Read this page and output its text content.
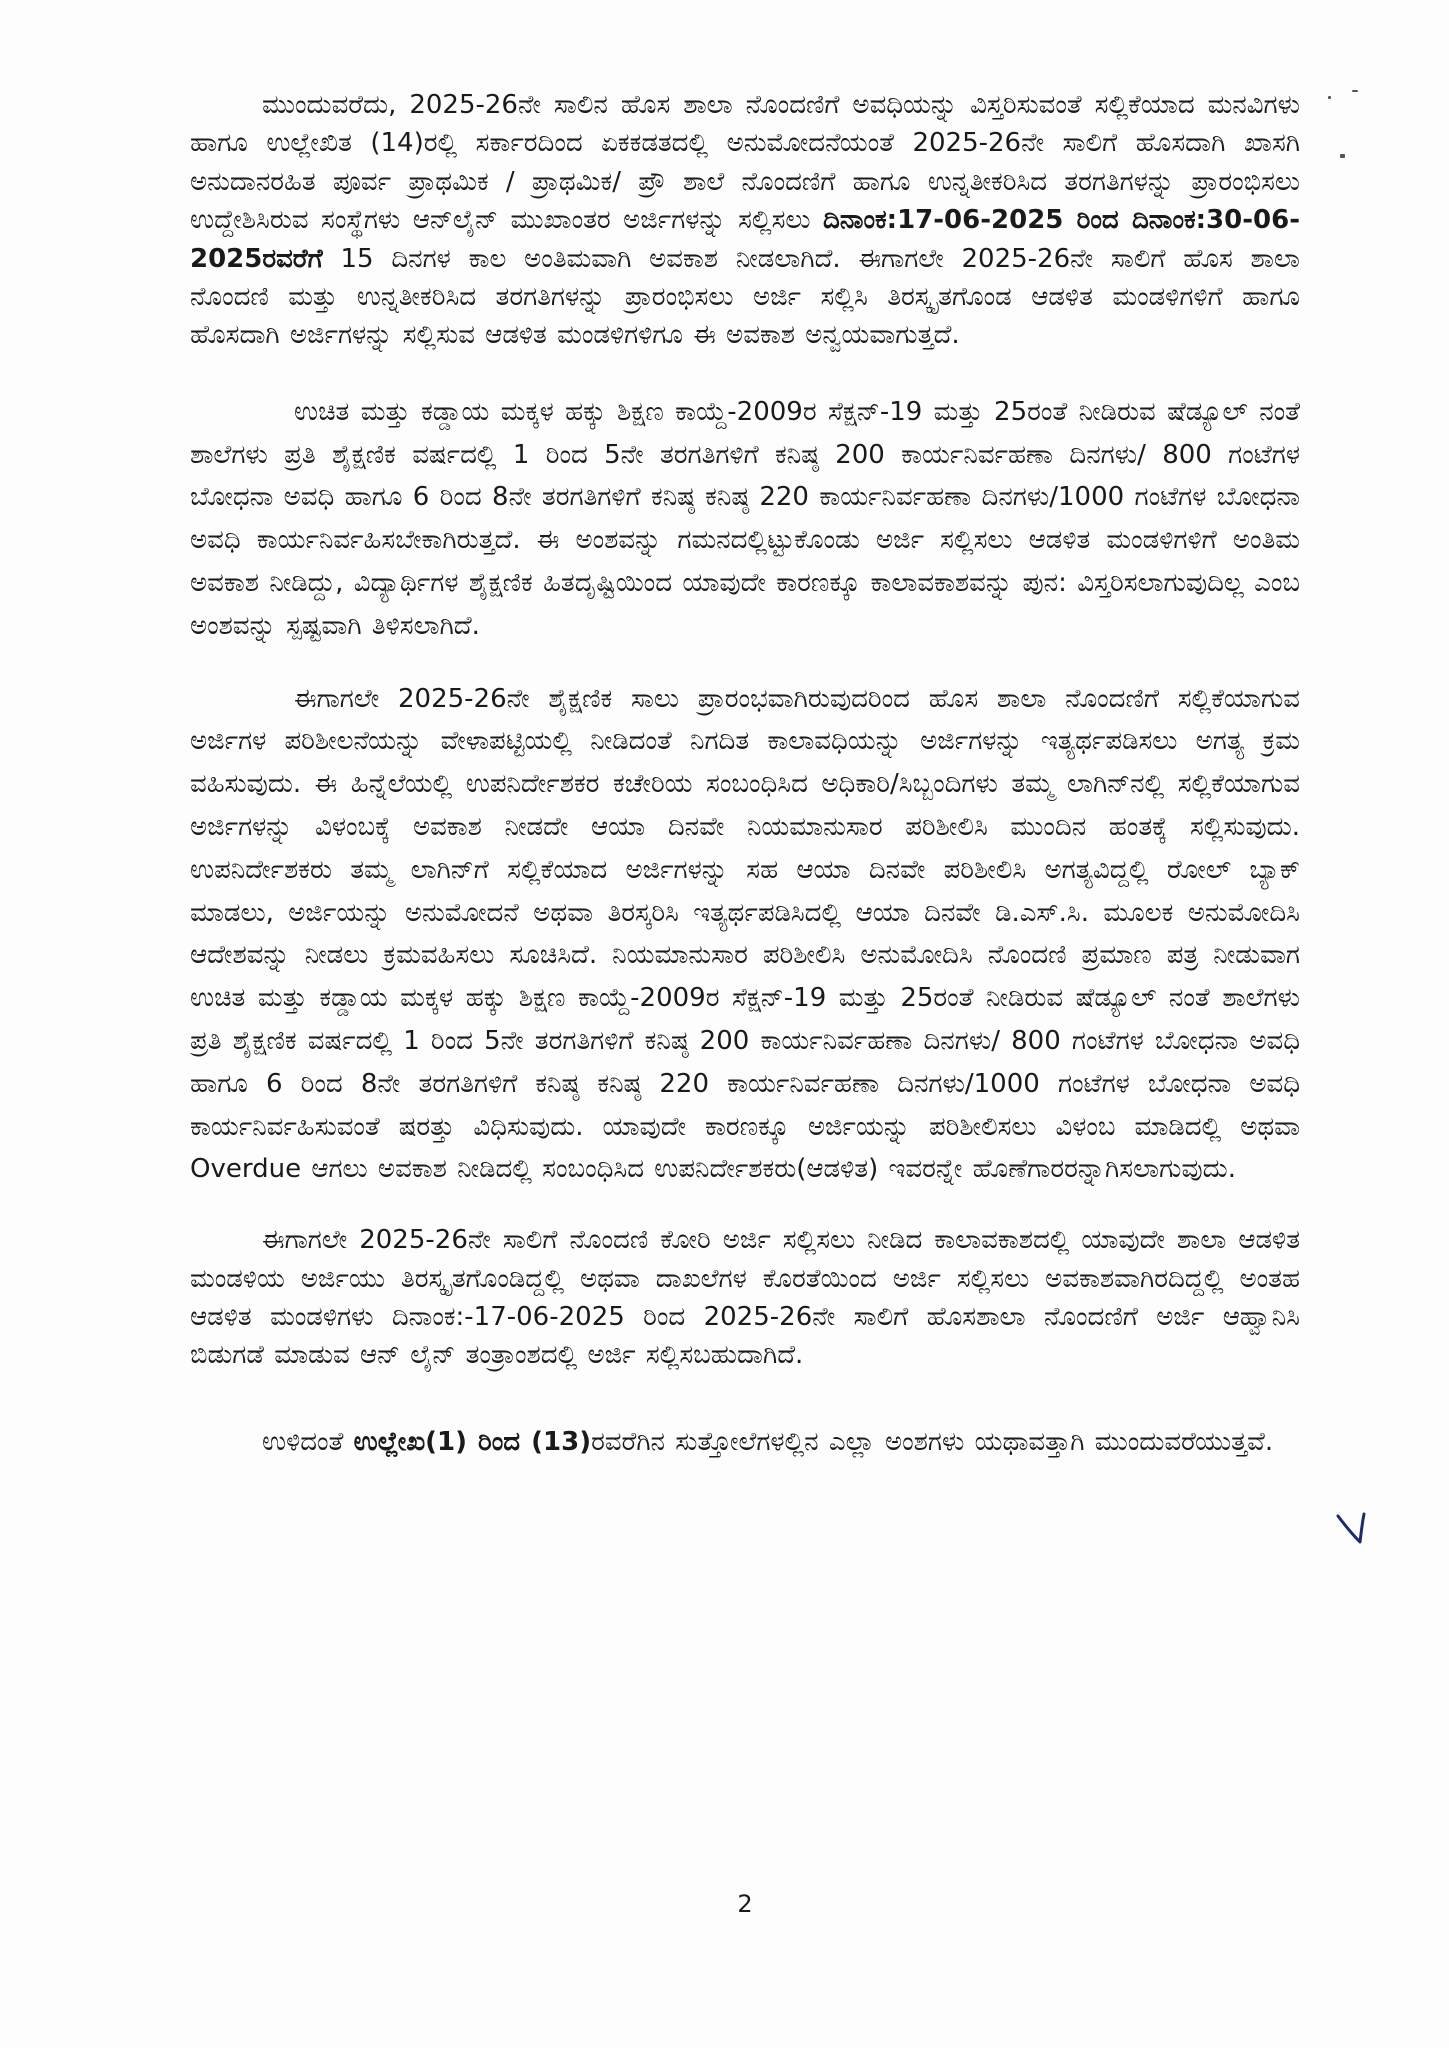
ಮುಂದುವರೆದು, 2025-26ನೇ ಸಾಲಿನ ಹೊಸ ಶಾಲಾ ನೊಂದಣಿಗೆ ಅವಧಿಯನ್ನು ವಿಸ್ತರಿಸುವಂತೆ ಸಲ್ಲಿಕೆಯಾದ ಮನವಿಗಳು ಹಾಗೂ ಉಲ್ಲೇಖಿತ (14)ರಲ್ಲಿ ಸರ್ಕಾರದಿಂದ ಏಕಕಡತದಲ್ಲಿ ಅನುಮೋದನೆಯಂತೆ 2025-26ನೇ ಸಾಲಿಗೆ ಹೊಸದಾಗಿ ಖಾಸಗಿ ಅನುದಾನರಹಿತ ಪೂರ್ವ ಪ್ರಾಥಮಿಕ / ಪ್ರಾಥಮಿಕ/ ಪ್ರೌ ಶಾಲೆ ನೊಂದಣಿಗೆ ಹಾಗೂ ಉನ್ನತೀಕರಿಸಿದ ತರಗತಿಗಳನ್ನು ಪ್ರಾರಂಭಿಸಲು ಉದ್ದೇಶಿಸಿರುವ ಸಂಸ್ಥೆಗಳು ಆನ್‌ಲೈನ್ ಮುಖಾಂತರ ಅರ್ಜಿಗಳನ್ನು ಸಲ್ಲಿಸಲು ದಿನಾಂಕ:17-06-2025 ರಿಂದ ದಿನಾಂಕ:30-06-2025ರವರೆಗೆ 15 ದಿನಗಳ ಕಾಲ ಅಂತಿಮವಾಗಿ ಅವಕಾಶ ನೀಡಲಾಗಿದೆ. ಈಗಾಗಲೇ 2025-26ನೇ ಸಾಲಿಗೆ ಹೊಸ ಶಾಲಾ ನೊಂದಣಿ ಮತ್ತು ಉನ್ನತೀಕರಿಸಿದ ತರಗತಿಗಳನ್ನು ಪ್ರಾರಂಭಿಸಲು ಅರ್ಜಿ ಸಲ್ಲಿಸಿ ತಿರಸ್ಕೃತಗೊಂಡ ಆಡಳಿತ ಮಂಡಳಿಗಳಿಗೆ ಹಾಗೂ ಹೊಸದಾಗಿ ಅರ್ಜಿಗಳನ್ನು ಸಲ್ಲಿಸುವ ಆಡಳಿತ ಮಂಡಳಿಗಳಿಗೂ ಈ ಅವಕಾಶ ಅನ್ವಯವಾಗುತ್ತದೆ.

ಉಚಿತ ಮತ್ತು ಕಡ್ಡಾಯ ಮಕ್ಕಳ ಹಕ್ಕು ಶಿಕ್ಷಣ ಕಾಯ್ದೆ-2009ರ ಸೆಕ್ಷನ್-19 ಮತ್ತು 25ರಂತೆ ನೀಡಿರುವ ಷೆಡ್ಯೂಲ್ ನಂತೆ ಶಾಲೆಗಳು ಪ್ರತಿ ಶೈಕ್ಷಣಿಕ ವರ್ಷದಲ್ಲಿ 1 ರಿಂದ 5ನೇ ತರಗತಿಗಳಿಗೆ ಕನಿಷ್ಠ 200 ಕಾರ್ಯನಿರ್ವಹಣಾ ದಿನಗಳು/ 800 ಗಂಟೆಗಳ ಬೋಧನಾ ಅವಧಿ ಹಾಗೂ 6 ರಿಂದ 8ನೇ ತರಗತಿಗಳಿಗೆ ಕನಿಷ್ಠ ಕನಿಷ್ಠ 220 ಕಾರ್ಯನಿರ್ವಹಣಾ ದಿನಗಳು/1000 ಗಂಟೆಗಳ ಬೋಧನಾ ಅವಧಿ ಕಾರ್ಯನಿರ್ವಹಿಸಬೇಕಾಗಿರುತ್ತದೆ. ಈ ಅಂಶವನ್ನು ಗಮನದಲ್ಲಿಟ್ಟುಕೊಂಡು ಅರ್ಜಿ ಸಲ್ಲಿಸಲು ಆಡಳಿತ ಮಂಡಳಿಗಳಿಗೆ ಅಂತಿಮ ಅವಕಾಶ ನೀಡಿದ್ದು, ವಿದ್ಯಾರ್ಥಿಗಳ ಶೈಕ್ಷಣಿಕ ಹಿತದೃಷ್ಟಿಯಿಂದ ಯಾವುದೇ ಕಾರಣಕ್ಕೂ ಕಾಲಾವಕಾಶವನ್ನು ಪುನ: ವಿಸ್ತರಿಸಲಾಗುವುದಿಲ್ಲ ಎಂಬ ಅಂಶವನ್ನು ಸ್ಪಷ್ಟವಾಗಿ ತಿಳಿಸಲಾಗಿದೆ.

ಈಗಾಗಲೇ 2025-26ನೇ ಶೈಕ್ಷಣಿಕ ಸಾಲು ಪ್ರಾರಂಭವಾಗಿರುವುದರಿಂದ ಹೊಸ ಶಾಲಾ ನೊಂದಣಿಗೆ ಸಲ್ಲಿಕೆಯಾಗುವ ಅರ್ಜಿಗಳ ಪರಿಶೀಲನೆಯನ್ನು ವೇಳಾಪಟ್ಟಿಯಲ್ಲಿ ನೀಡಿದಂತೆ ನಿಗದಿತ ಕಾಲಾವಧಿಯನ್ನು ಅರ್ಜಿಗಳನ್ನು ಇತ್ಯರ್ಥಪಡಿಸಲು ಅಗತ್ಯ ಕ್ರಮ ವಹಿಸುವುದು. ಈ ಹಿನ್ನೆಲೆಯಲ್ಲಿ ಉಪನಿರ್ದೇಶಕರ ಕಚೇರಿಯ ಸಂಬಂಧಿಸಿದ ಅಧಿಕಾರಿ/ಸಿಬ್ಬಂದಿಗಳು ತಮ್ಮ ಲಾಗಿನ್‌ನಲ್ಲಿ ಸಲ್ಲಿಕೆಯಾಗುವ ಅರ್ಜಿಗಳನ್ನು ವಿಳಂಬಕ್ಕೆ ಅವಕಾಶ ನೀಡದೇ ಆಯಾ ದಿನವೇ ನಿಯಮಾನುಸಾರ ಪರಿಶೀಲಿಸಿ ಮುಂದಿನ ಹಂತಕ್ಕೆ ಸಲ್ಲಿಸುವುದು. ಉಪನಿರ್ದೇಶಕರು ತಮ್ಮ ಲಾಗಿನ್‌ಗೆ ಸಲ್ಲಿಕೆಯಾದ ಅರ್ಜಿಗಳನ್ನು ಸಹ ಆಯಾ ದಿನವೇ ಪರಿಶೀಲಿಸಿ ಅಗತ್ಯವಿದ್ದಲ್ಲಿ ರೋಲ್ ಬ್ಯಾಕ್ ಮಾಡಲು, ಅರ್ಜಿಯನ್ನು ಅನುಮೋದನೆ ಅಥವಾ ತಿರಸ್ಕರಿಸಿ ಇತ್ಯರ್ಥಪಡಿಸಿದಲ್ಲಿ ಆಯಾ ದಿನವೇ ಡಿ.ಎಸ್.ಸಿ. ಮೂಲಕ ಅನುಮೋದಿಸಿ ಆದೇಶವನ್ನು ನೀಡಲು ಕ್ರಮವಹಿಸಲು ಸೂಚಿಸಿದೆ. ನಿಯಮಾನುಸಾರ ಪರಿಶೀಲಿಸಿ ಅನುಮೋದಿಸಿ ನೊಂದಣಿ ಪ್ರಮಾಣ ಪತ್ರ ನೀಡುವಾಗ ಉಚಿತ ಮತ್ತು ಕಡ್ಡಾಯ ಮಕ್ಕಳ ಹಕ್ಕು ಶಿಕ್ಷಣ ಕಾಯ್ದೆ-2009ರ ಸೆಕ್ಷನ್-19 ಮತ್ತು 25ರಂತೆ ನೀಡಿರುವ ಷೆಡ್ಯೂಲ್ ನಂತೆ ಶಾಲೆಗಳು ಪ್ರತಿ ಶೈಕ್ಷಣಿಕ ವರ್ಷದಲ್ಲಿ 1 ರಿಂದ 5ನೇ ತರಗತಿಗಳಿಗೆ ಕನಿಷ್ಠ 200 ಕಾರ್ಯನಿರ್ವಹಣಾ ದಿನಗಳು/ 800 ಗಂಟೆಗಳ ಬೋಧನಾ ಅವಧಿ ಹಾಗೂ 6 ರಿಂದ 8ನೇ ತರಗತಿಗಳಿಗೆ ಕನಿಷ್ಠ ಕನಿಷ್ಠ 220 ಕಾರ್ಯನಿರ್ವಹಣಾ ದಿನಗಳು/1000 ಗಂಟೆಗಳ ಬೋಧನಾ ಅವಧಿ ಕಾರ್ಯನಿರ್ವಹಿಸುವಂತೆ ಷರತ್ತು ವಿಧಿಸುವುದು. ಯಾವುದೇ ಕಾರಣಕ್ಕೂ ಅರ್ಜಿಯನ್ನು ಪರಿಶೀಲಿಸಲು ವಿಳಂಬ ಮಾಡಿದಲ್ಲಿ ಅಥವಾ Overdue ಆಗಲು ಅವಕಾಶ ನೀಡಿದಲ್ಲಿ ಸಂಬಂಧಿಸಿದ ಉಪನಿರ್ದೇಶಕರು(ಆಡಳಿತ) ಇವರನ್ನೇ ಹೊಣೆಗಾರರನ್ನಾಗಿಸಲಾಗುವುದು.

ಈಗಾಗಲೇ 2025-26ನೇ ಸಾಲಿಗೆ ನೊಂದಣಿ ಕೋರಿ ಅರ್ಜಿ ಸಲ್ಲಿಸಲು ನೀಡಿದ ಕಾಲಾವಕಾಶದಲ್ಲಿ ಯಾವುದೇ ಶಾಲಾ ಆಡಳಿತ ಮಂಡಳಿಯ ಅರ್ಜಿಯು ತಿರಸ್ಕೃತಗೊಂಡಿದ್ದಲ್ಲಿ ಅಥವಾ ದಾಖಲೆಗಳ ಕೊರತೆಯಿಂದ ಅರ್ಜಿ ಸಲ್ಲಿಸಲು ಅವಕಾಶವಾಗಿರದಿದ್ದಲ್ಲಿ ಅಂತಹ ಆಡಳಿತ ಮಂಡಳಿಗಳು ದಿನಾಂಕ:-17-06-2025 ರಿಂದ 2025-26ನೇ ಸಾಲಿಗೆ ಹೊಸಶಾಲಾ ನೊಂದಣಿಗೆ ಅರ್ಜಿ ಆಹ್ವಾನಿಸಿ ಬಿಡುಗಡೆ ಮಾಡುವ ಆನ್ ಲೈನ್ ತಂತ್ರಾಂಶದಲ್ಲಿ ಅರ್ಜಿ ಸಲ್ಲಿಸಬಹುದಾಗಿದೆ.

ಉಳಿದಂತೆ ಉಲ್ಲೇಖ(1) ರಿಂದ (13)ರವರೆಗಿನ ಸುತ್ತೋಲೆಗಳಲ್ಲಿನ ಎಲ್ಲಾ ಅಂಶಗಳು ಯಥಾವತ್ತಾಗಿ ಮುಂದುವರೆಯುತ್ತವೆ.

2
